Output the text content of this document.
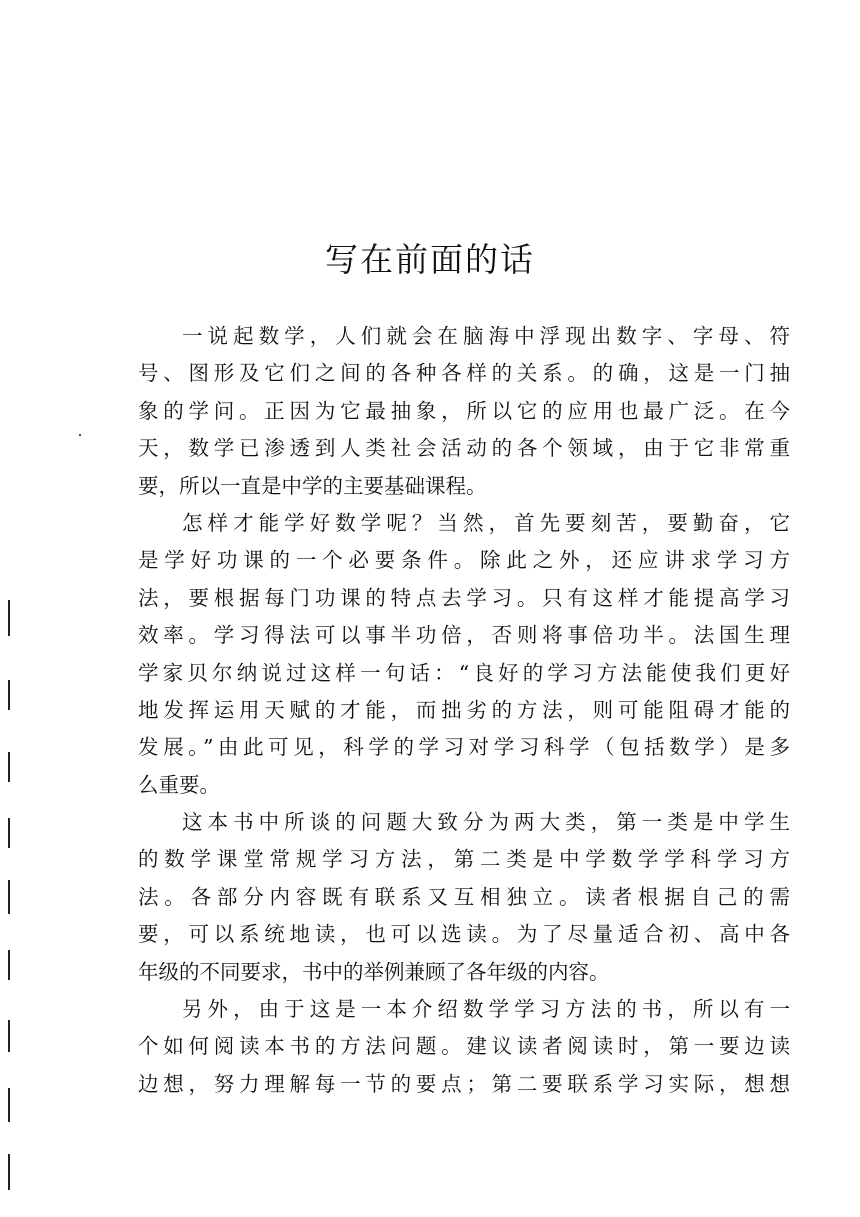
写在前面的话
一说起数学，人们就会在脑海中浮现出数字、字母、符
号、图形及它们之间的各种各样的关系。的确，这是一门抽
象的学问。正因为它最抽象，所以它的应用也最广泛。在今
天，数学已渗透到人类社会活动的各个领域，由于它非常重
要，所以一直是中学的主要基础课程。
怎样才能学好数学呢？当然，首先要刻苦，要勤奋，它
是学好功课的一个必要条件。除此之外，还应讲求学习方
法，要根据每门功课的特点去学习。只有这样才能提高学习
效率。学习得法可以事半功倍，否则将事倍功半。法国生理
学家贝尔纳说过这样一句话：“良好的学习方法能使我们更好
地发挥运用天赋的才能，而拙劣的方法，则可能阻碍才能的
发展。”由此可见，科学的学习对学习科学（包括数学）是多
么重要。
这本书中所谈的问题大致分为两大类，第一类是中学生
的数学课堂常规学习方法，第二类是中学数学学科学习方
法。各部分内容既有联系又互相独立。读者根据自己的需
要，可以系统地读，也可以选读。为了尽量适合初、高中各
年级的不同要求，书中的举例兼顾了各年级的内容。
另外，由于这是一本介绍数学学习方法的书，所以有一
个如何阅读本书的方法问题。建议读者阅读时，第一要边读
边想，努力理解每一节的要点；第二要联系学习实际，想想
